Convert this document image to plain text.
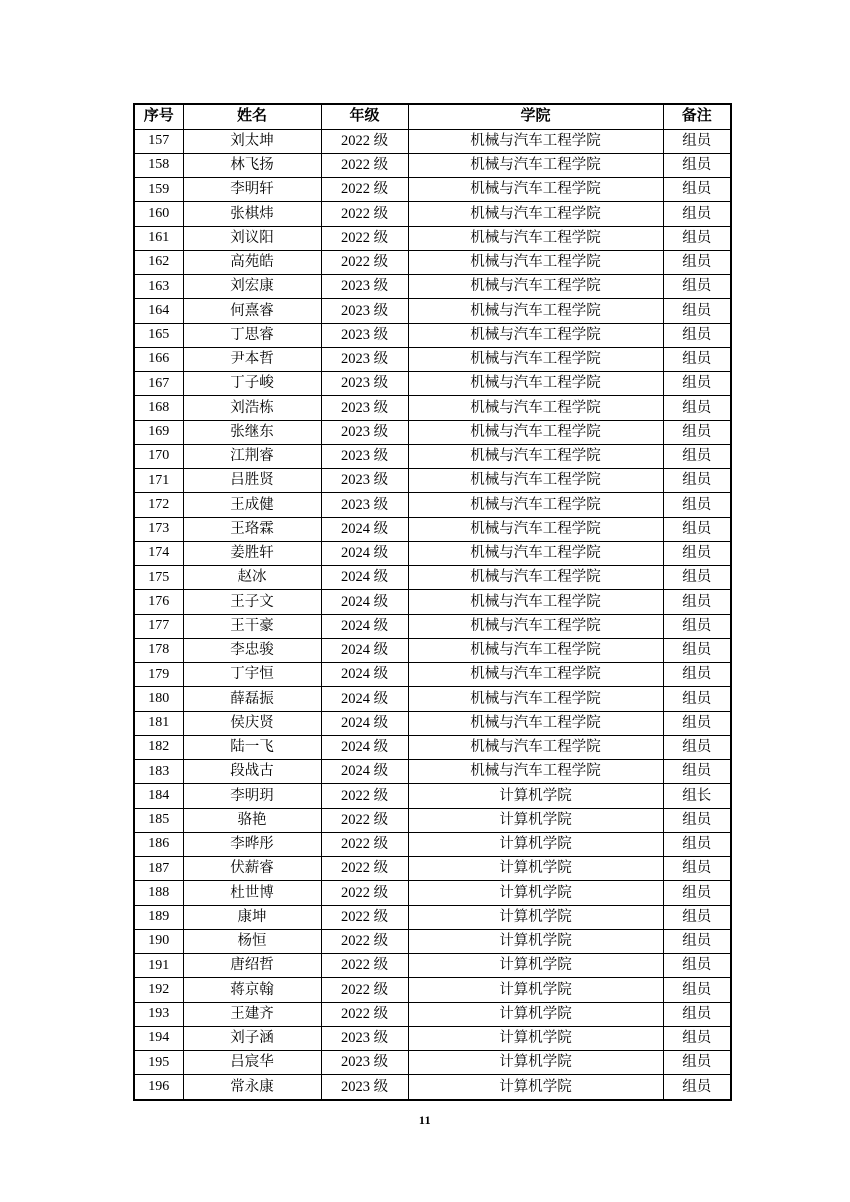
序号	姓名	年级	学院	备注
157	刘太坤	2022 级	机械与汽车工程学院	组员
158	林飞扬	2022 级	机械与汽车工程学院	组员
159	李明轩	2022 级	机械与汽车工程学院	组员
160	张棋炜	2022 级	机械与汽车工程学院	组员
161	刘议阳	2022 级	机械与汽车工程学院	组员
162	高苑皓	2022 级	机械与汽车工程学院	组员
163	刘宏康	2023 级	机械与汽车工程学院	组员
164	何熹睿	2023 级	机械与汽车工程学院	组员
165	丁思睿	2023 级	机械与汽车工程学院	组员
166	尹本哲	2023 级	机械与汽车工程学院	组员
167	丁子峻	2023 级	机械与汽车工程学院	组员
168	刘浩栋	2023 级	机械与汽车工程学院	组员
169	张继东	2023 级	机械与汽车工程学院	组员
170	江荆睿	2023 级	机械与汽车工程学院	组员
171	吕胜贤	2023 级	机械与汽车工程学院	组员
172	王成健	2023 级	机械与汽车工程学院	组员
173	王珞霖	2024 级	机械与汽车工程学院	组员
174	姜胜轩	2024 级	机械与汽车工程学院	组员
175	赵冰	2024 级	机械与汽车工程学院	组员
176	王子文	2024 级	机械与汽车工程学院	组员
177	王干豪	2024 级	机械与汽车工程学院	组员
178	李忠骏	2024 级	机械与汽车工程学院	组员
179	丁宇恒	2024 级	机械与汽车工程学院	组员
180	薛磊振	2024 级	机械与汽车工程学院	组员
181	侯庆贤	2024 级	机械与汽车工程学院	组员
182	陆一飞	2024 级	机械与汽车工程学院	组员
183	段战古	2024 级	机械与汽车工程学院	组员
184	李明玥	2022 级	计算机学院	组长
185	骆艳	2022 级	计算机学院	组员
186	李晔彤	2022 级	计算机学院	组员
187	伏薪睿	2022 级	计算机学院	组员
188	杜世博	2022 级	计算机学院	组员
189	康坤	2022 级	计算机学院	组员
190	杨恒	2022 级	计算机学院	组员
191	唐绍哲	2022 级	计算机学院	组员
192	蒋京翰	2022 级	计算机学院	组员
193	王建齐	2022 级	计算机学院	组员
194	刘子涵	2023 级	计算机学院	组员
195	吕宸华	2023 级	计算机学院	组员
196	常永康	2023 级	计算机学院	组员
11
